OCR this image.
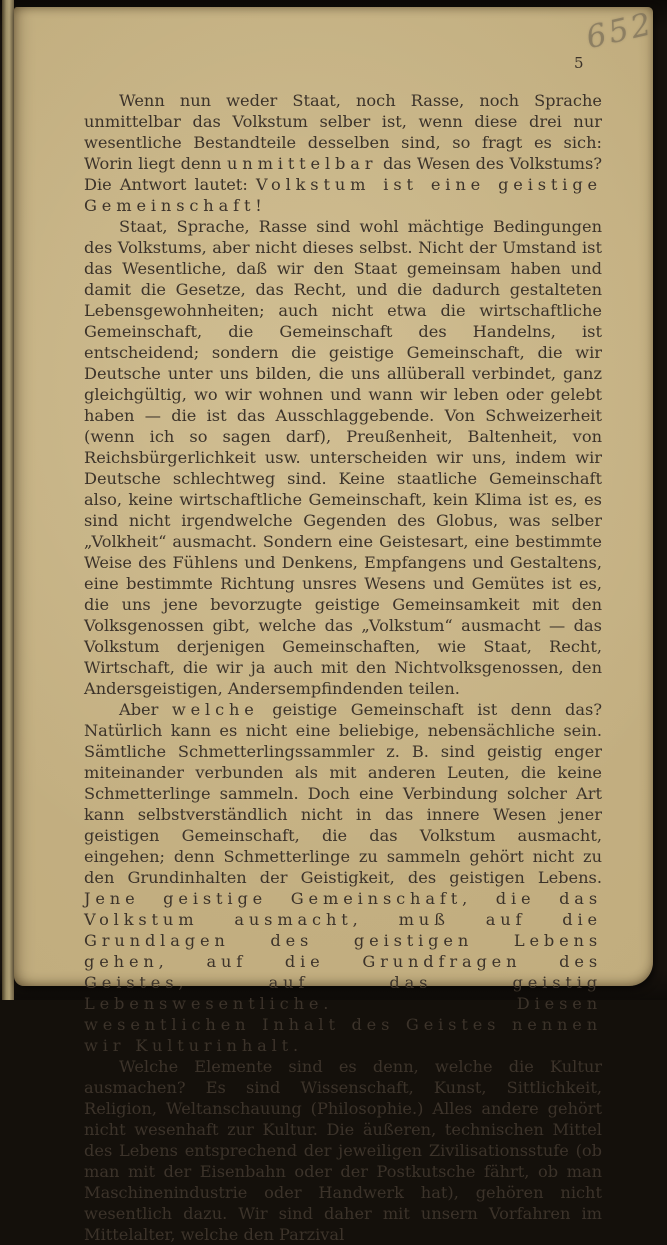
652
5

Wenn nun weder Staat, noch Rasse, noch Sprache unmittelbar das Volkstum selber ist, wenn diese drei nur wesentliche Bestandteile desselben sind, so fragt es sich: Worin liegt denn unmittelbar das Wesen des Volkstums? Die Antwort lautet: Volkstum ist eine geistige Gemeinschaft!

Staat, Sprache, Rasse sind wohl mächtige Bedingungen des Volkstums, aber nicht dieses selbst. Nicht der Umstand ist das Wesentliche, daß wir den Staat gemeinsam haben und damit die Gesetze, das Recht, und die dadurch gestalteten Lebensgewohnheiten; auch nicht etwa die wirtschaftliche Gemeinschaft, die Gemeinschaft des Handelns, ist entscheidend; sondern die geistige Gemeinschaft, die wir Deutsche unter uns bilden, die uns allüberall verbindet, ganz gleichgültig, wo wir wohnen und wann wir leben oder gelebt haben — die ist das Ausschlaggebende. Von Schweizerheit (wenn ich so sagen darf), Preußenheit, Baltenheit, von Reichsbürgerlichkeit usw. unterscheiden wir uns, indem wir Deutsche schlechtweg sind. Keine staatliche Gemeinschaft also, keine wirtschaftliche Gemeinschaft, kein Klima ist es, es sind nicht irgendwelche Gegenden des Globus, was selber „Volkheit“ ausmacht. Sondern eine Geistesart, eine bestimmte Weise des Fühlens und Denkens, Empfangens und Gestaltens, eine bestimmte Richtung unsres Wesens und Gemütes ist es, die uns jene bevorzugte geistige Gemeinsamkeit mit den Volksgenossen gibt, welche das „Volkstum“ ausmacht — das Volkstum derjenigen Gemeinschaften, wie Staat, Recht, Wirtschaft, die wir ja auch mit den Nichtvolksgenossen, den Andersgeistigen, Andersempfindenden teilen.

Aber welche geistige Gemeinschaft ist denn das? Natürlich kann es nicht eine beliebige, nebensächliche sein. Sämtliche Schmetterlingssammler z. B. sind geistig enger miteinander verbunden als mit anderen Leuten, die keine Schmetterlinge sammeln. Doch eine Verbindung solcher Art kann selbstverständlich nicht in das innere Wesen jener geistigen Gemeinschaft, die das Volkstum ausmacht, eingehen; denn Schmetterlinge zu sammeln gehört nicht zu den Grundinhalten der Geistigkeit, des geistigen Lebens. Jene geistige Gemeinschaft, die das Volkstum ausmacht, muß auf die Grundlagen des geistigen Lebens gehen, auf die Grundfragen des Geistes, auf das geistig Lebenswesentliche. Diesen wesentlichen Inhalt des Geistes nennen wir Kulturinhalt.

Welche Elemente sind es denn, welche die Kultur ausmachen? Es sind Wissenschaft, Kunst, Sittlichkeit, Religion, Weltanschauung (Philosophie.) Alles andere gehört nicht wesenhaft zur Kultur. Die äußeren, technischen Mittel des Lebens entsprechend der jeweiligen Zivilisationsstufe (ob man mit der Eisenbahn oder der Postkutsche fährt, ob man Maschinenindustrie oder Handwerk hat), gehören nicht wesentlich dazu. Wir sind daher mit unsern Vorfahren im Mittelalter, welche den Parzival
